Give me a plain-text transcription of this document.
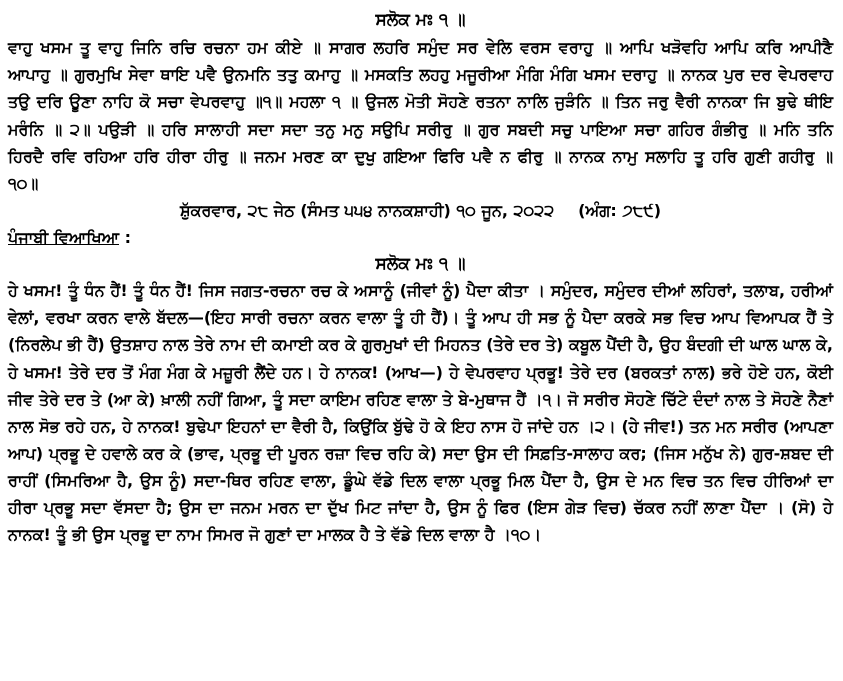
ਸਲੋਕ ਮਃ ੧ ॥
ਵਾਹੁ ਖਸਮ ਤੂ ਵਾਹੁ ਜਿਨਿ ਰਚਿ ਰਚਨਾ ਹਮ ਕੀਏ ॥ ਸਾਗਰ ਲਹਰਿ ਸਮੁੰਦ ਸਰ ਵੇਲਿ ਵਰਸ ਵਰਾਹੁ ॥ ਆਪਿ ਖੜੋਵਹਿ ਆਪਿ ਕਰਿ ਆਪੀਣੈ ਆਪਾਹੁ ॥ ਗੁਰਮੁਖਿ ਸੇਵਾ ਥਾਇ ਪਵੈ ਉਨਮਨਿ ਤਤੁ ਕਮਾਹੁ ॥ ਮਸਕਤਿ ਲਹਹੁ ਮਜੂਰੀਆ ਮੰਗਿ ਮੰਗਿ ਖਸਮ ਦਰਾਹੁ ॥ ਨਾਨਕ ਪੁਰ ਦਰ ਵੇਪਰਵਾਹ ਤਉ ਦਰਿ ਊਣਾ ਨਾਹਿ ਕੋ ਸਚਾ ਵੇਪਰਵਾਹੁ ॥੧॥ ਮਹਲਾ ੧ ॥ ਉਜਲ ਮੋਤੀ ਸੋਹਣੇ ਰਤਨਾ ਨਾਲਿ ਜੁੜੰਨਿ ॥ ਤਿਨ ਜਰੁ ਵੈਰੀ ਨਾਨਕਾ ਜਿ ਬੁਢੇ ਥੀਇ ਮਰੰਨਿ ॥ ੨॥ ਪਉੜੀ ॥ ਹਰਿ ਸਾਲਾਹੀ ਸਦਾ ਸਦਾ ਤਨੁ ਮਨੁ ਸਉਪਿ ਸਰੀਰੁ ॥ ਗੁਰ ਸਬਦੀ ਸਚੁ ਪਾਇਆ ਸਚਾ ਗਹਿਰ ਗੰਭੀਰੁ ॥ ਮਨਿ ਤਨਿ ਹਿਰਦੈ ਰਵਿ ਰਹਿਆ ਹਰਿ ਹੀਰਾ ਹੀਰੁ ॥ ਜਨਮ ਮਰਣ ਕਾ ਦੁਖੁ ਗਇਆ ਫਿਰਿ ਪਵੈ ਨ ਫੀਰੁ ॥ ਨਾਨਕ ਨਾਮੁ ਸਲਾਹਿ ਤੂ ਹਰਿ ਗੁਣੀ ਗਹੀਰੁ ॥੧੦॥
ਸ਼ੁੱਕਰਵਾਰ, ੨੮ ਜੇਠ (ਸੰਮਤ ੫੫੪ ਨਾਨਕਸ਼ਾਹੀ) ੧੦ ਜੂਨ, ੨੦੨੨ (ਅੰਗ: ੭੮੯)
ਪੰਜਾਬੀ ਵਿਆਖਿਆ :
ਸਲੋਕ ਮਃ ੧ ॥
ਹੇ ਖਸਮ! ਤੂੰ ਧੰਨ ਹੈਂ! ਤੂੰ ਧੰਨ ਹੈਂ! ਜਿਸ ਜਗਤ-ਰਚਨਾ ਰਚ ਕੇ ਅਸਾਨੂੰ (ਜੀਵਾਂ ਨੂੰ) ਪੈਦਾ ਕੀਤਾ । ਸਮੁੰਦਰ, ਸਮੁੰਦਰ ਦੀਆਂ ਲਹਿਰਾਂ, ਤਲਾਬ, ਹਰੀਆਂ ਵੇਲਾਂ, ਵਰਖਾ ਕਰਨ ਵਾਲੇ ਬੱਦਲ—(ਇਹ ਸਾਰੀ ਰਚਨਾ ਕਰਨ ਵਾਲਾ ਤੂੰ ਹੀ ਹੈਂ)। ਤੂੰ ਆਪ ਹੀ ਸਭ ਨੂੰ ਪੈਦਾ ਕਰਕੇ ਸਭ ਵਿਚ ਆਪ ਵਿਆਪਕ ਹੈਂ ਤੇ (ਨਿਰਲੇਪ ਭੀ ਹੈਂ) ਉਤਸ਼ਾਹ ਨਾਲ ਤੇਰੇ ਨਾਮ ਦੀ ਕਮਾਈ ਕਰ ਕੇ ਗੁਰਮੁਖਾਂ ਦੀ ਮਿਹਨਤ (ਤੇਰੇ ਦਰ ਤੇ) ਕਬੂਲ ਪੈਂਦੀ ਹੈ, ਉਹ ਬੰਦਗੀ ਦੀ ਘਾਲ ਘਾਲ ਕੇ, ਹੇ ਖਸਮ! ਤੇਰੇ ਦਰ ਤੋਂ ਮੰਗ ਮੰਗ ਕੇ ਮਜ਼ੂਰੀ ਲੈਂਦੇ ਹਨ। ਹੇ ਨਾਨਕ! (ਆਖ—) ਹੇ ਵੇਪਰਵਾਹ ਪ੍ਰਭੂ! ਤੇਰੇ ਦਰ (ਬਰਕਤਾਂ ਨਾਲ) ਭਰੇ ਹੋਏ ਹਨ, ਕੋਈ ਜੀਵ ਤੇਰੇ ਦਰ ਤੇ (ਆ ਕੇ) ਖ਼ਾਲੀ ਨਹੀਂ ਗਿਆ, ਤੂੰ ਸਦਾ ਕਾਇਮ ਰਹਿਣ ਵਾਲਾ ਤੇ ਬੇ-ਮੁਥਾਜ ਹੈਂ ।੧। ਜੋ ਸਰੀਰ ਸੋਹਣੇ ਚਿੱਟੇ ਦੰਦਾਂ ਨਾਲ ਤੇ ਸੋਹਣੇ ਨੈਣਾਂ ਨਾਲ ਸੋਭ ਰਹੇ ਹਨ, ਹੇ ਨਾਨਕ! ਬੁਢੇਪਾ ਇਹਨਾਂ ਦਾ ਵੈਰੀ ਹੈ, ਕਿਉਂਕਿ ਬੁੱਢੇ ਹੋ ਕੇ ਇਹ ਨਾਸ ਹੋ ਜਾਂਦੇ ਹਨ ।੨। (ਹੇ ਜੀਵ!) ਤਨ ਮਨ ਸਰੀਰ (ਆਪਣਾ ਆਪ) ਪ੍ਰਭੂ ਦੇ ਹਵਾਲੇ ਕਰ ਕੇ (ਭਾਵ, ਪ੍ਰਭੂ ਦੀ ਪੂਰਨ ਰਜ਼ਾ ਵਿਚ ਰਹਿ ਕੇ) ਸਦਾ ਉਸ ਦੀ ਸਿਫ਼ਤਿ-ਸਾਲਾਹ ਕਰ; (ਜਿਸ ਮਨੁੱਖ ਨੇ) ਗੁਰ-ਸ਼ਬਦ ਦੀ ਰਾਹੀਂ (ਸਿਮਰਿਆ ਹੈ, ਉਸ ਨੂੰ) ਸਦਾ-ਥਿਰ ਰਹਿਣ ਵਾਲਾ, ਡੂੰਘੇ ਵੱਡੇ ਦਿਲ ਵਾਲਾ ਪ੍ਰਭੂ ਮਿਲ ਪੈਂਦਾ ਹੈ, ਉਸ ਦੇ ਮਨ ਵਿਚ ਤਨ ਵਿਚ ਹੀਰਿਆਂ ਦਾ ਹੀਰਾ ਪ੍ਰਭੂ ਸਦਾ ਵੱਸਦਾ ਹੈ; ਉਸ ਦਾ ਜਨਮ ਮਰਨ ਦਾ ਦੁੱਖ ਮਿਟ ਜਾਂਦਾ ਹੈ, ਉਸ ਨੂੰ ਫਿਰ (ਇਸ ਗੇੜ ਵਿਚ) ਚੱਕਰ ਨਹੀਂ ਲਾਣਾ ਪੈਂਦਾ । (ਸੋ) ਹੇ ਨਾਨਕ! ਤੂੰ ਭੀ ਉਸ ਪ੍ਰਭੂ ਦਾ ਨਾਮ ਸਿਮਰ ਜੋ ਗੁਣਾਂ ਦਾ ਮਾਲਕ ਹੈ ਤੇ ਵੱਡੇ ਦਿਲ ਵਾਲਾ ਹੈ ।੧੦।
